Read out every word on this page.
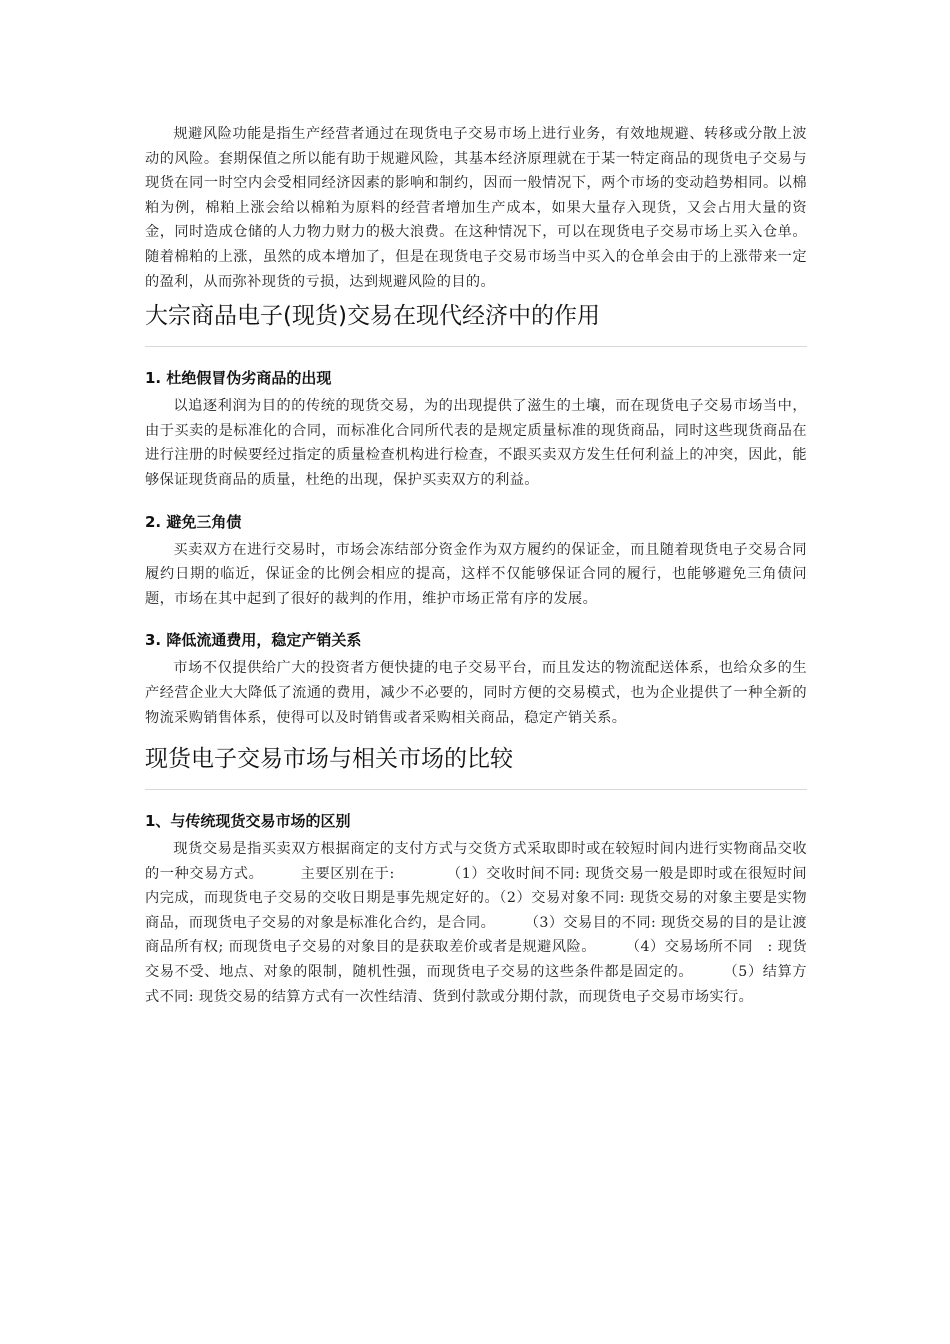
规避风险功能是指生产经营者通过在现货电子交易市场上进行业务，有效地规避、转移或分散上波动的风险。套期保值之所以能有助于规避风险，其基本经济原理就在于某一特定商品的现货电子交易与现货在同一时空内会受相同经济因素的影响和制约，因而一般情况下，两个市场的变动趋势相同。以棉粕为例，棉粕上涨会给以棉粕为原料的经营者增加生产成本，如果大量存入现货，又会占用大量的资金，同时造成仓储的人力物力财力的极大浪费。在这种情况下，可以在现货电子交易市场上买入仓单。随着棉粕的上涨，虽然的成本增加了，但是在现货电子交易市场当中买入的仓单会由于的上涨带来一定的盈利，从而弥补现货的亏损，达到规避风险的目的。

大宗商品电子(现货)交易在现代经济中的作用
1. 杜绝假冒伪劣商品的出现

以追逐利润为目的的传统的现货交易，为的出现提供了滋生的土壤，而在现货电子交易市场当中，由于买卖的是标准化的合同，而标准化合同所代表的是规定质量标准的现货商品，同时这些现货商品在进行注册的时候要经过指定的质量检查机构进行检查，不跟买卖双方发生任何利益上的冲突，因此，能够保证现货商品的质量，杜绝的出现，保护买卖双方的利益。

2. 避免三角债

买卖双方在进行交易时，市场会冻结部分资金作为双方履约的保证金，而且随着现货电子交易合同履约日期的临近，保证金的比例会相应的提高，这样不仅能够保证合同的履行，也能够避免三角债问题，市场在其中起到了很好的裁判的作用，维护市场正常有序的发展。

3. 降低流通费用，稳定产销关系

市场不仅提供给广大的投资者方便快捷的电子交易平台，而且发达的物流配送体系，也给众多的生产经营企业大大降低了流通的费用，减少不必要的，同时方便的交易模式，也为企业提供了一种全新的物流采购销售体系，使得可以及时销售或者采购相关商品，稳定产销关系。

现货电子交易市场与相关市场的比较
1、与传统现货交易市场的区别

现货交易是指买卖双方根据商定的支付方式与交货方式采取即时或在较短时间内进行实物商品交收的一种交易方式。　　　主要区别在于:　　　　（1）交收时间不同: 现货交易一般是即时或在很短时间内完成，而现货电子交易的交收日期是事先规定好的。（2）交易对象不同: 现货交易的对象主要是实物商品，而现货电子交易的对象是标准化合约，是合同。　　　（3）交易目的不同: 现货交易的目的是让渡商品所有权; 而现货电子交易的对象目的是获取差价或者是规避风险。　　　（4）交易场所不同　: 现货交易不受、地点、对象的限制，随机性强，而现货电子交易的这些条件都是固定的。　　　（5）结算方式不同: 现货交易的结算方式有一次性结清、货到付款或分期付款，而现货电子交易市场实行。
